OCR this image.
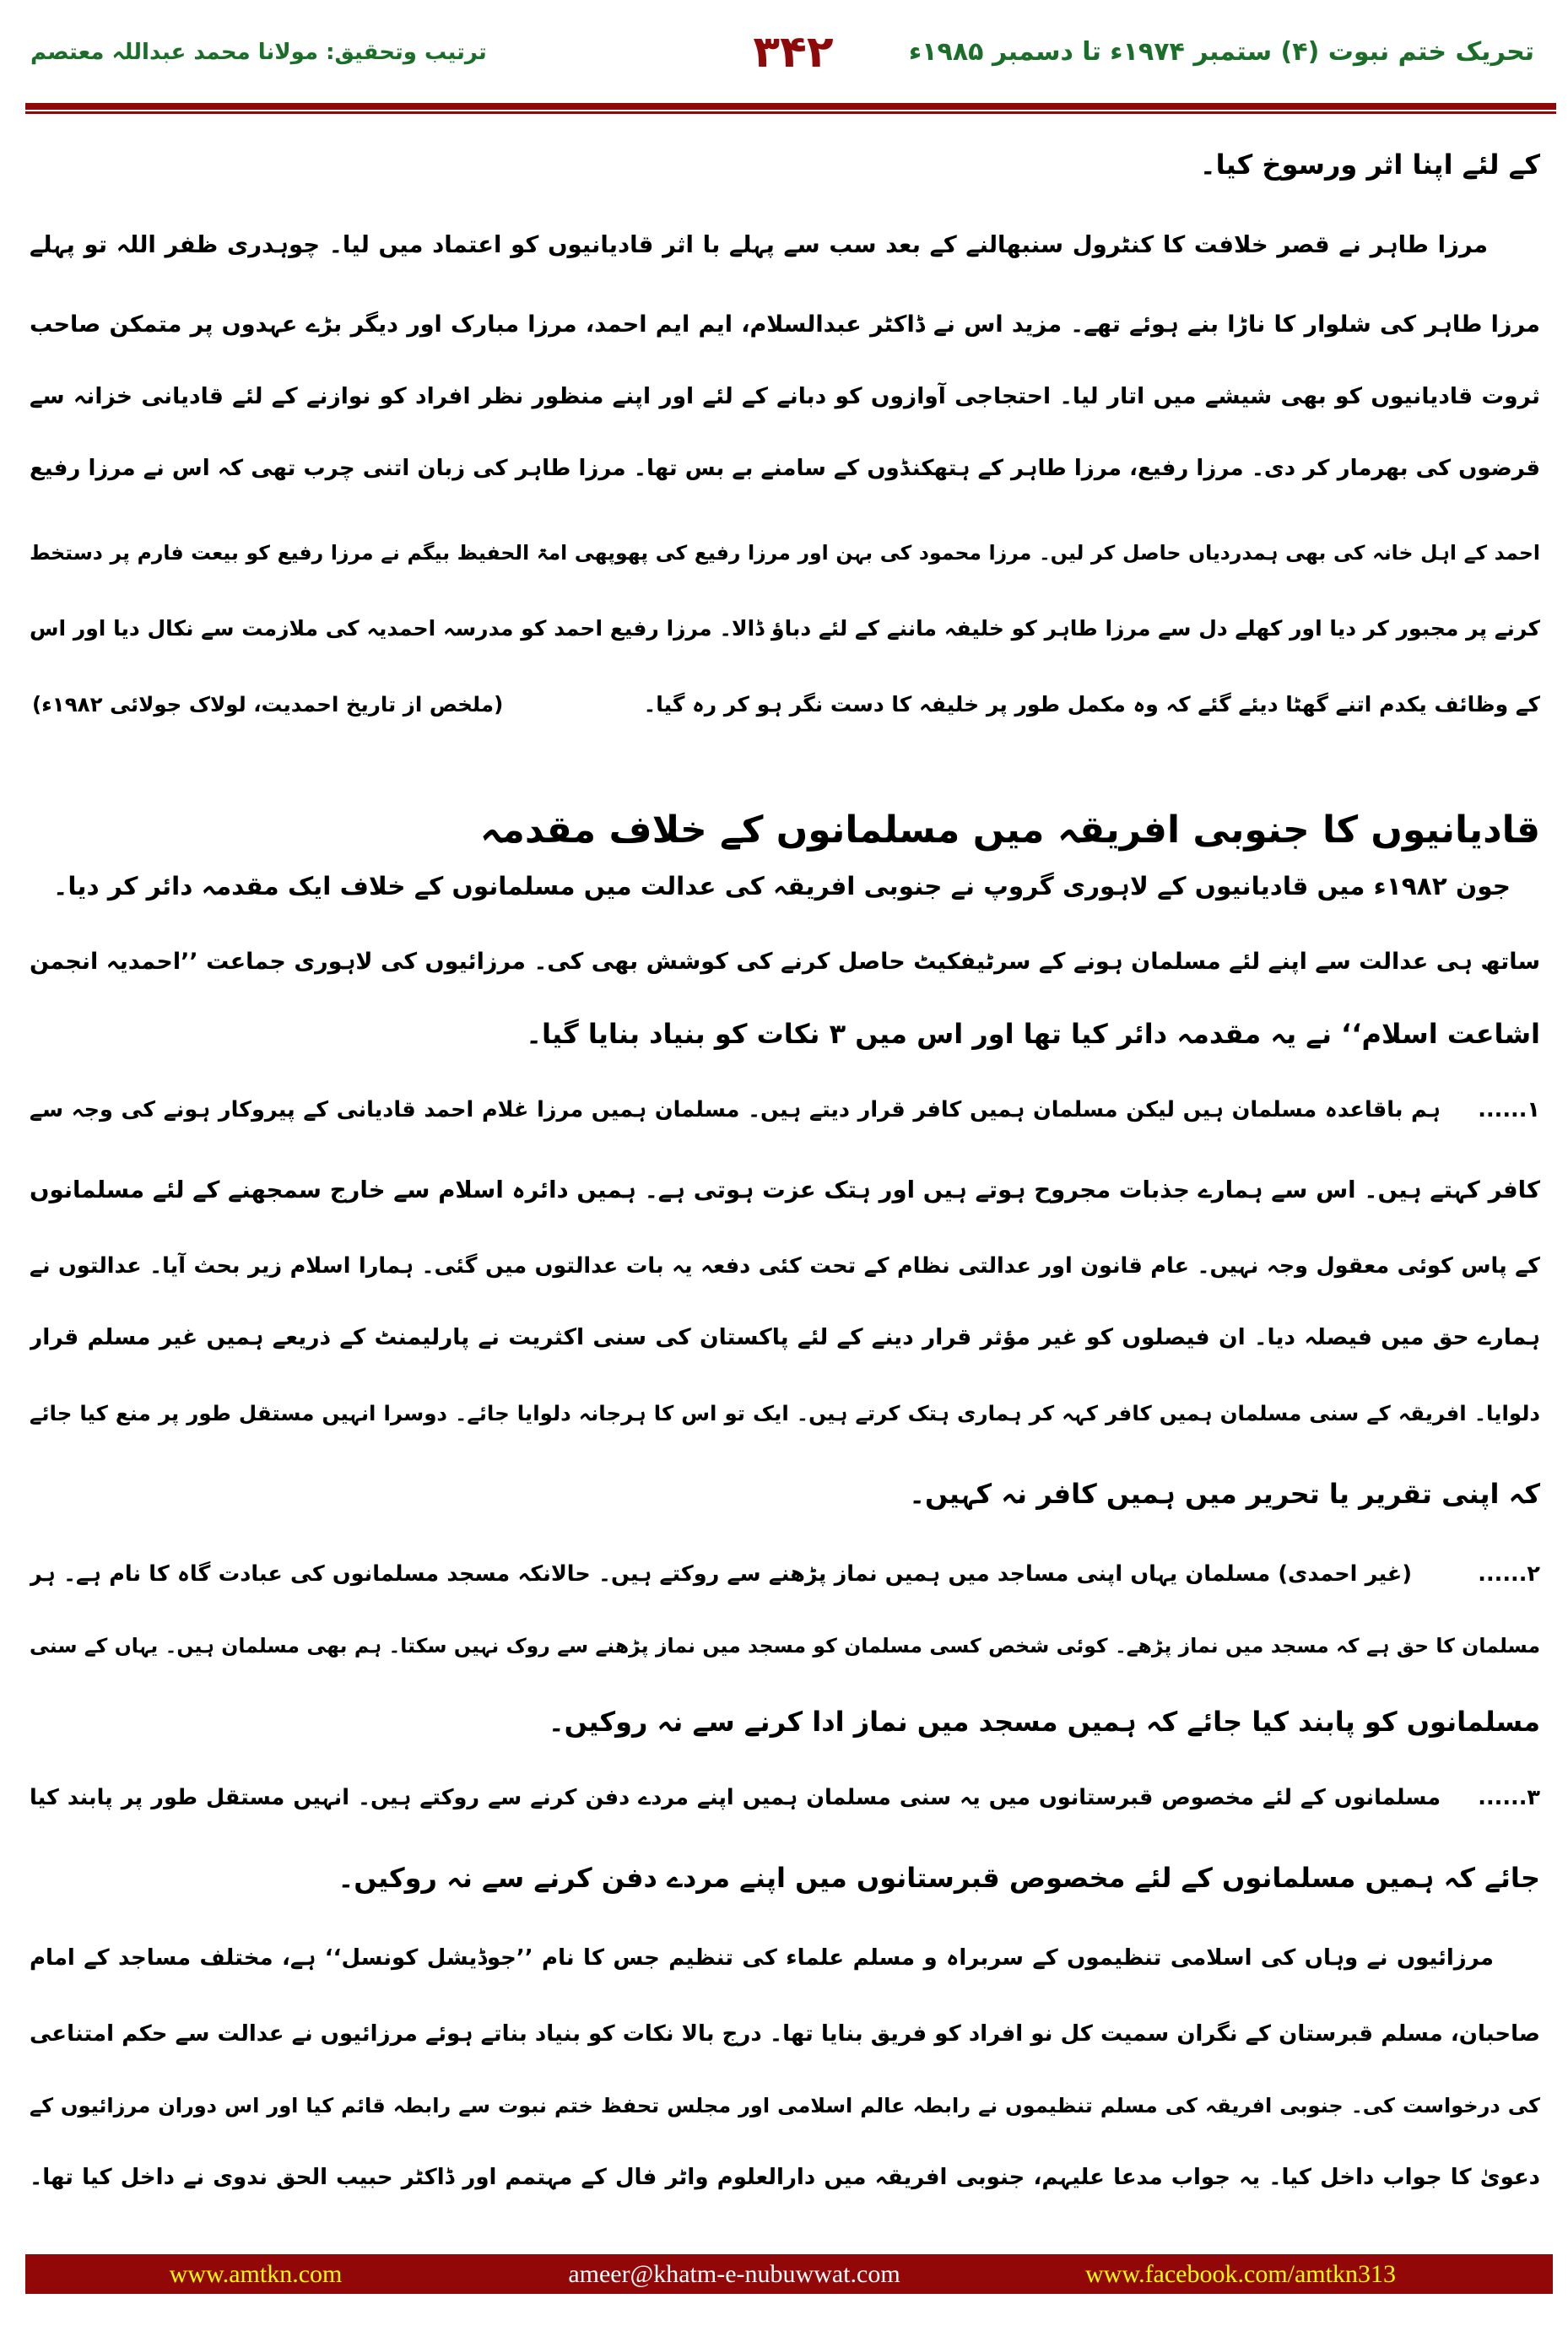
تحریک ختم نبوت (۴) ستمبر ۱۹۷۴ء تا دسمبر ۱۹۸۵ء
۳۴۲
ترتیب وتحقیق: مولانا محمد عبداللہ معتصم
کے لئے اپنا اثر ورسوخ کیا۔
مرزا طاہر نے قصر خلافت کا کنٹرول سنبھالنے کے بعد سب سے پہلے با اثر قادیانیوں کو اعتماد میں لیا۔ چوہدری ظفر اللہ تو پہلے
مرزا طاہر کی شلوار کا ناڑا بنے ہوئے تھے۔ مزید اس نے ڈاکٹر عبدالسلام، ایم ایم احمد، مرزا مبارک اور دیگر بڑے عہدوں پر متمکن صاحب
ثروت قادیانیوں کو بھی شیشے میں اتار لیا۔ احتجاجی آوازوں کو دبانے کے لئے اور اپنے منظور نظر افراد کو نوازنے کے لئے قادیانی خزانہ سے
قرضوں کی بھرمار کر دی۔ مرزا رفیع، مرزا طاہر کے ہتھکنڈوں کے سامنے بے بس تھا۔ مرزا طاہر کی زبان اتنی چرب تھی کہ اس نے مرزا رفیع
احمد کے اہل خانہ کی بھی ہمدردیاں حاصل کر لیں۔ مرزا محمود کی بہن اور مرزا رفیع کی پھوپھی امۃ الحفیظ بیگم نے مرزا رفیع کو بیعت فارم پر دستخط
کرنے پر مجبور کر دیا اور کھلے دل سے مرزا طاہر کو خلیفہ ماننے کے لئے دباؤ ڈالا۔ مرزا رفیع احمد کو مدرسہ احمدیہ کی ملازمت سے نکال دیا اور اس
کے وظائف یکدم اتنے گھٹا دیئے گئے کہ وہ مکمل طور پر خلیفہ کا دست نگر ہو کر رہ گیا۔
(ملخص از تاریخ احمدیت، لولاک جولائی ۱۹۸۲ء)
قادیانیوں کا جنوبی افریقہ میں مسلمانوں کے خلاف مقدمہ
جون ۱۹۸۲ء میں قادیانیوں کے لاہوری گروپ نے جنوبی افریقہ کی عدالت میں مسلمانوں کے خلاف ایک مقدمہ دائر کر دیا۔
ساتھ ہی عدالت سے اپنے لئے مسلمان ہونے کے سرٹیفکیٹ حاصل کرنے کی کوشش بھی کی۔ مرزائیوں کی لاہوری جماعت ’’احمدیہ انجمن
اشاعت اسلام‘‘ نے یہ مقدمہ دائر کیا تھا اور اس میں ۳ نکات کو بنیاد بنایا گیا۔
۱......
ہم باقاعدہ مسلمان ہیں لیکن مسلمان ہمیں کافر قرار دیتے ہیں۔ مسلمان ہمیں مرزا غلام احمد قادیانی کے پیروکار ہونے کی وجہ سے
کافر کہتے ہیں۔ اس سے ہمارے جذبات مجروح ہوتے ہیں اور ہتک عزت ہوتی ہے۔ ہمیں دائرہ اسلام سے خارج سمجھنے کے لئے مسلمانوں
کے پاس کوئی معقول وجہ نہیں۔ عام قانون اور عدالتی نظام کے تحت کئی دفعہ یہ بات عدالتوں میں گئی۔ ہمارا اسلام زیر بحث آیا۔ عدالتوں نے
ہمارے حق میں فیصلہ دیا۔ ان فیصلوں کو غیر مؤثر قرار دینے کے لئے پاکستان کی سنی اکثریت نے پارلیمنٹ کے ذریعے ہمیں غیر مسلم قرار
دلوایا۔ افریقہ کے سنی مسلمان ہمیں کافر کہہ کر ہماری ہتک کرتے ہیں۔ ایک تو اس کا ہرجانہ دلوایا جائے۔ دوسرا انہیں مستقل طور پر منع کیا جائے
کہ اپنی تقریر یا تحریر میں ہمیں کافر نہ کہیں۔
۲......
(غیر احمدی) مسلمان یہاں اپنی مساجد میں ہمیں نماز پڑھنے سے روکتے ہیں۔ حالانکہ مسجد مسلمانوں کی عبادت گاہ کا نام ہے۔ ہر
مسلمان کا حق ہے کہ مسجد میں نماز پڑھے۔ کوئی شخص کسی مسلمان کو مسجد میں نماز پڑھنے سے روک نہیں سکتا۔ ہم بھی مسلمان ہیں۔ یہاں کے سنی
مسلمانوں کو پابند کیا جائے کہ ہمیں مسجد میں نماز ادا کرنے سے نہ روکیں۔
۳......
مسلمانوں کے لئے مخصوص قبرستانوں میں یہ سنی مسلمان ہمیں اپنے مردے دفن کرنے سے روکتے ہیں۔ انہیں مستقل طور پر پابند کیا
جائے کہ ہمیں مسلمانوں کے لئے مخصوص قبرستانوں میں اپنے مردے دفن کرنے سے نہ روکیں۔
مرزائیوں نے وہاں کی اسلامی تنظیموں کے سربراہ و مسلم علماء کی تنظیم جس کا نام ’’جوڈیشل کونسل‘‘ ہے، مختلف مساجد کے امام
صاحبان، مسلم قبرستان کے نگران سمیت کل نو افراد کو فریق بنایا تھا۔ درج بالا نکات کو بنیاد بناتے ہوئے مرزائیوں نے عدالت سے حکم امتناعی
کی درخواست کی۔ جنوبی افریقہ کی مسلم تنظیموں نے رابطہ عالم اسلامی اور مجلس تحفظ ختم نبوت سے رابطہ قائم کیا اور اس دوران مرزائیوں کے
دعویٰ کا جواب داخل کیا۔ یہ جواب مدعا علیہم، جنوبی افریقہ میں دارالعلوم واٹر فال کے مہتمم اور ڈاکٹر حبیب الحق ندوی نے داخل کیا تھا۔
www.amtkn.com	ameer@khatm-e-nubuwwat.com	www.facebook.com/amtkn313
